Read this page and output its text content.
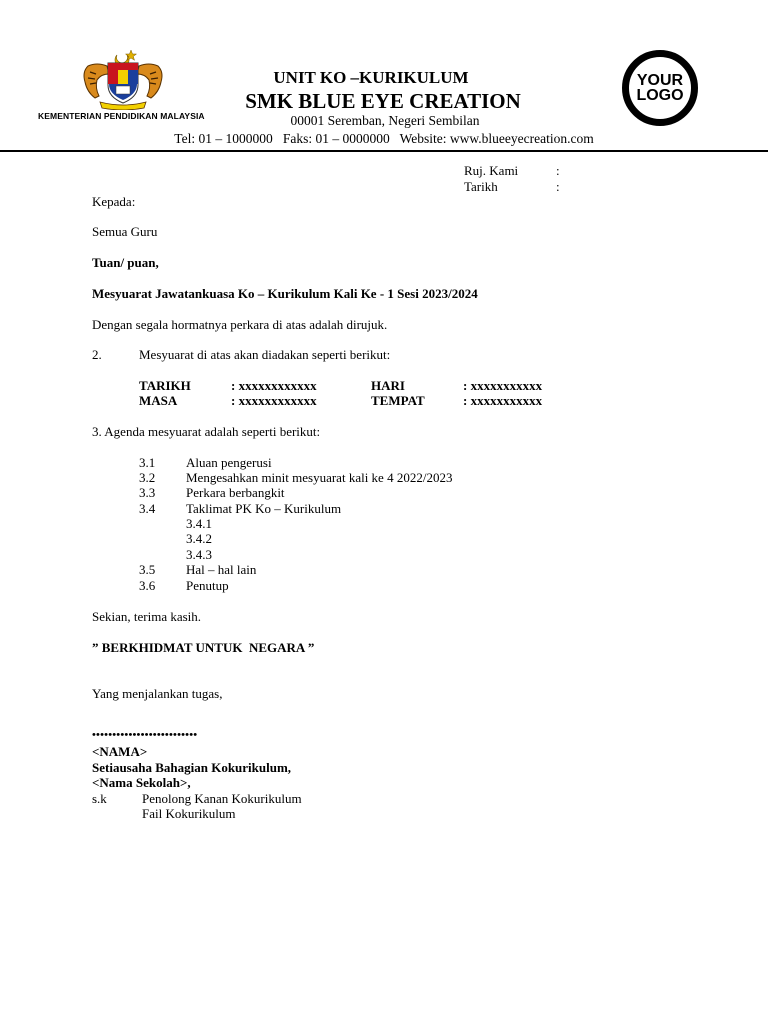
KEMENTERIAN PENDIDIKAN MALAYSIA
UNIT KO –KURIKULUM
SMK BLUE EYE CREATION
00001 Seremban, Negeri Sembilan
Tel: 01 – 1000000   Faks: 01 – 0000000   Website: www.blueeyecreation.com
YOUR
LOGO
Ruj. Kami	:
Tarikh	:
Kepada:
Semua Guru
Tuan/ puan,
Mesyuarat Jawatankuasa Ko – Kurikulum Kali Ke - 1 Sesi 2023/2024
Dengan segala hormatnya perkara di atas adalah dirujuk.
2.	Mesyuarat di atas akan diadakan seperti berikut:
TARIKH	: xxxxxxxxxxxx	HARI	: xxxxxxxxxxx
MASA	: xxxxxxxxxxxx	TEMPAT	: xxxxxxxxxxx
3. Agenda mesyuarat adalah seperti berikut:
3.1 Aluan pengerusi
3.2 Mengesahkan minit mesyuarat kali ke 4 2022/2023
3.3 Perkara berbangkit
3.4 Taklimat PK Ko – Kurikulum
3.4.1
3.4.2
3.4.3
3.5 Hal – hal lain
3.6 Penutup
Sekian, terima kasih.
” BERKHIDMAT UNTUK  NEGARA ”
Yang menjalankan tugas,
••••••••••••••••••••••••••
<NAMA>
Setiausaha Bahagian Kokurikulum,
<Nama Sekolah>,
s.k	Penolong Kanan Kokurikulum
Fail Kokurikulum
